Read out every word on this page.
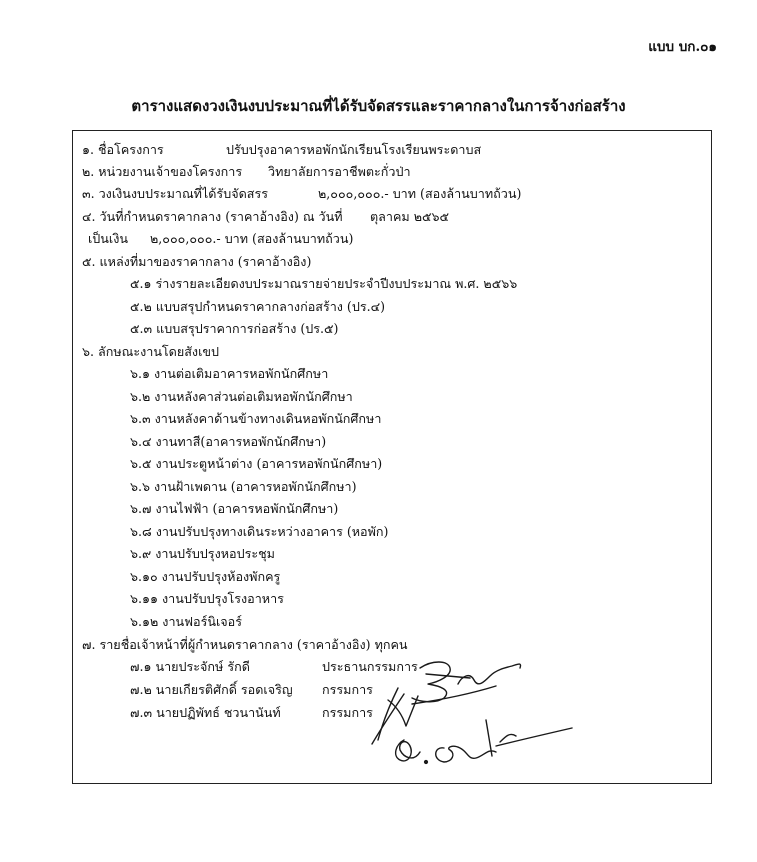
แบบ บก.๐๑
ตารางแสดงวงเงินงบประมาณที่ได้รับจัดสรรและราคากลางในการจ้างก่อสร้าง
๑. ชื่อโครงการ	ปรับปรุงอาคารหอพักนักเรียนโรงเรียนพระดาบส
๒. หน่วยงานเจ้าของโครงการ วิทยาลัยการอาชีพตะกั่วป่า
๓. วงเงินงบประมาณที่ได้รับจัดสรร	๒,๐๐๐,๐๐๐.- บาท (สองล้านบาทถ้วน)
๔. วันที่กำหนดราคากลาง (ราคาอ้างอิง) ณ วันที่ ตุลาคม ๒๕๖๕
เป็นเงิน ๒,๐๐๐,๐๐๐.- บาท (สองล้านบาทถ้วน)
๕. แหล่งที่มาของราคากลาง (ราคาอ้างอิง)
๕.๑ ร่างรายละเอียดงบประมาณรายจ่ายประจำปีงบประมาณ พ.ศ. ๒๕๖๖
๕.๒ แบบสรุปกำหนดราคากลางก่อสร้าง (ปร.๔)
๕.๓ แบบสรุปราคาการก่อสร้าง (ปร.๕)
๖. ลักษณะงานโดยสังเขป
๖.๑ งานต่อเติมอาคารหอพักนักศึกษา
๖.๒ งานหลังคาส่วนต่อเติมหอพักนักศึกษา
๖.๓ งานหลังคาด้านข้างทางเดินหอพักนักศึกษา
๖.๔ งานทาสี(อาคารหอพักนักศึกษา)
๖.๕ งานประตูหน้าต่าง (อาคารหอพักนักศึกษา)
๖.๖ งานฝ้าเพดาน (อาคารหอพักนักศึกษา)
๖.๗ งานไฟฟ้า (อาคารหอพักนักศึกษา)
๖.๘ งานปรับปรุงทางเดินระหว่างอาคาร (หอพัก)
๖.๙ งานปรับปรุงหอประชุม
๖.๑๐ งานปรับปรุงห้องพักครู
๖.๑๑ งานปรับปรุงโรงอาหาร
๖.๑๒ งานฟอร์นิเจอร์
๗. รายชื่อเจ้าหน้าที่ผู้กำหนดราคากลาง (ราคาอ้างอิง) ทุกคน
๗.๑ นายประจักษ์ รักดี	ประธานกรรมการ
๗.๒ นายเกียรติศักดิ์ รอดเจริญ กรรมการ
๗.๓ นายปฏิพัทธ์ ชวนานันท์	กรรมการ
